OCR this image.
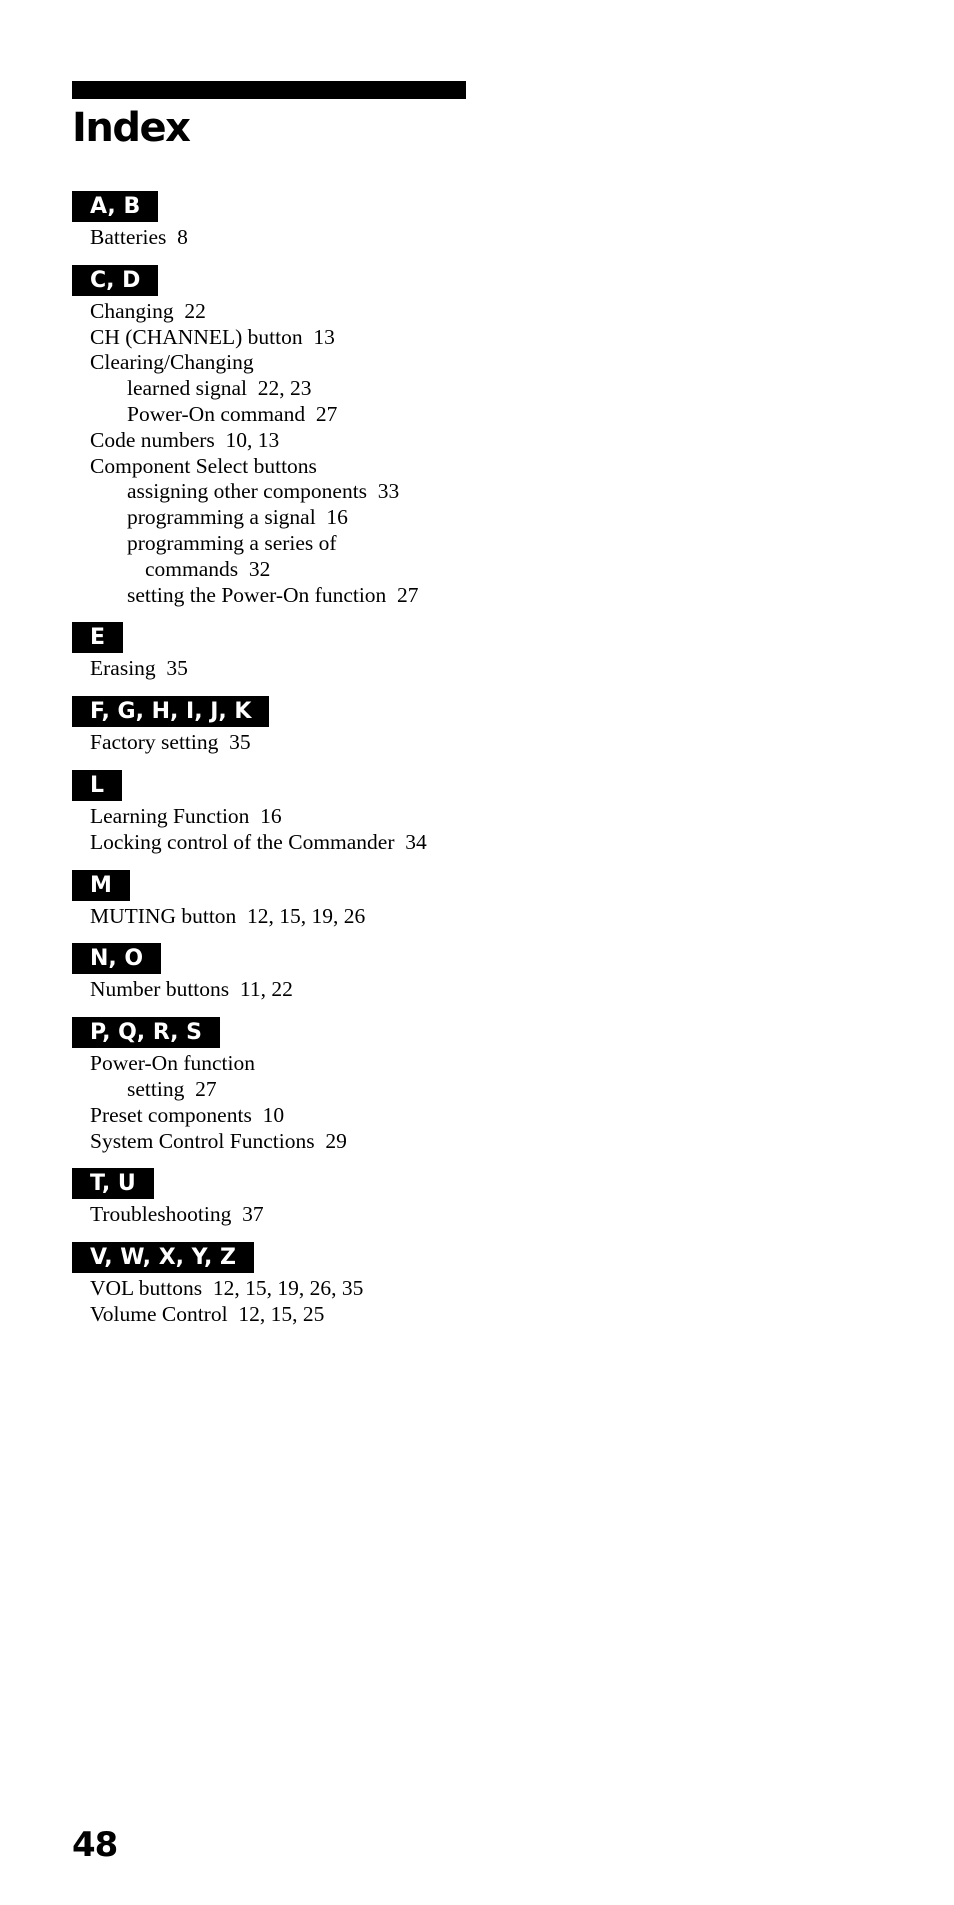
Index
A, B
Batteries  8
C, D
Changing  22
CH (CHANNEL) button  13
Clearing/Changing
learned signal  22, 23
Power-On command  27
Code numbers  10, 13
Component Select buttons
assigning other components  33
programming a signal  16
programming a series of
commands  32
setting the Power-On function  27
E
Erasing  35
F, G, H, I, J, K
Factory setting  35
L
Learning Function  16
Locking control of the Commander  34
M
MUTING button  12, 15, 19, 26
N, O
Number buttons  11, 22
P, Q, R, S
Power-On function
setting  27
Preset components  10
System Control Functions  29
T, U
Troubleshooting  37
V, W, X, Y, Z
VOL buttons  12, 15, 19, 26, 35
Volume Control  12, 15, 25
48
